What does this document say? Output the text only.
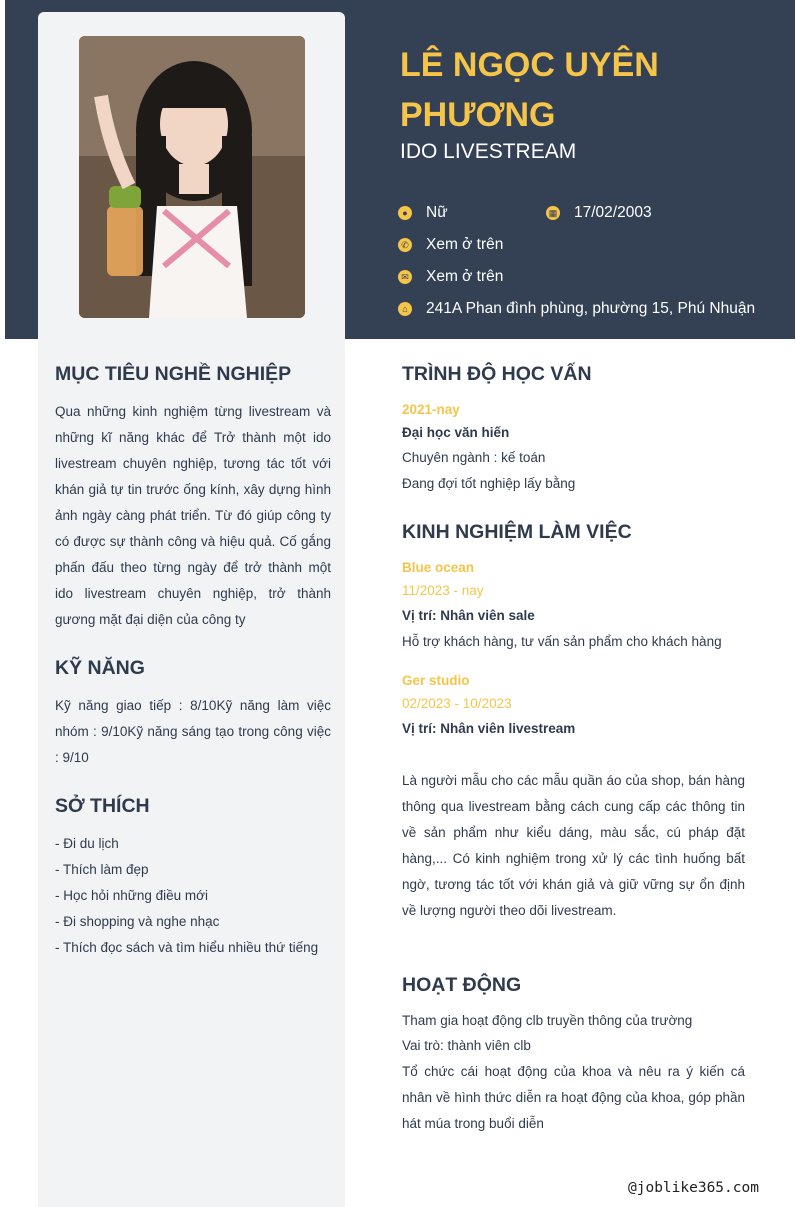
LÊ NGỌC UYÊN PHƯƠNG
IDO LIVESTREAM
● Nữ	▦ 17/02/2003
✆ Xem ở trên
✉ Xem ở trên
⌂ 241A Phan đình phùng, phường 15, Phú Nhuận
MỤC TIÊU NGHỀ NGHIỆP
Qua những kinh nghiệm từng livestream và những kĩ năng khác để Trở thành một ido livestream chuyên nghiệp, tương tác tốt với khán giả tự tin trước ống kính, xây dựng hình ảnh ngày càng phát triển. Từ đó giúp công ty có được sự thành công và hiệu quả. Cố gắng phấn đấu theo từng ngày để trở thành một ido livestream chuyên nghiệp, trở thành gương mặt đại diện của công ty
KỸ NĂNG
Kỹ năng giao tiếp : 8/10Kỹ năng làm việc nhóm : 9/10Kỹ năng sáng tạo trong công việc : 9/10
SỞ THÍCH
- Đi du lịch
- Thích làm đẹp
- Học hỏi những điều mới
- Đi shopping và nghe nhạc
- Thích đọc sách và tìm hiểu nhiều thứ tiếng
TRÌNH ĐỘ HỌC VẤN
2021-nay
Đại học văn hiến
Chuyên ngành : kế toán
Đang đợi tốt nghiệp lấy bằng
KINH NGHIỆM LÀM VIỆC
Blue ocean
11/2023 - nay
Vị trí: Nhân viên sale
Hỗ trợ khách hàng, tư vấn sản phẩm cho khách hàng
Ger studio
02/2023 - 10/2023
Vị trí: Nhân viên livestream
Là người mẫu cho các mẫu quần áo của shop, bán hàng thông qua livestream bằng cách cung cấp các thông tin về sản phẩm như kiểu dáng, màu sắc, cú pháp đặt hàng,... Có kinh nghiệm trong xử lý các tình huống bất ngờ, tương tác tốt với khán giả và giữ vững sự ổn định về lượng người theo dõi livestream.
HOẠT ĐỘNG
Tham gia hoạt động clb truyền thông của trường
Vai trò: thành viên clb
Tổ chức cái hoạt động của khoa và nêu ra ý kiến cá nhân về hình thức diễn ra hoạt động của khoa, góp phần hát múa trong buổi diễn
@joblike365.com
